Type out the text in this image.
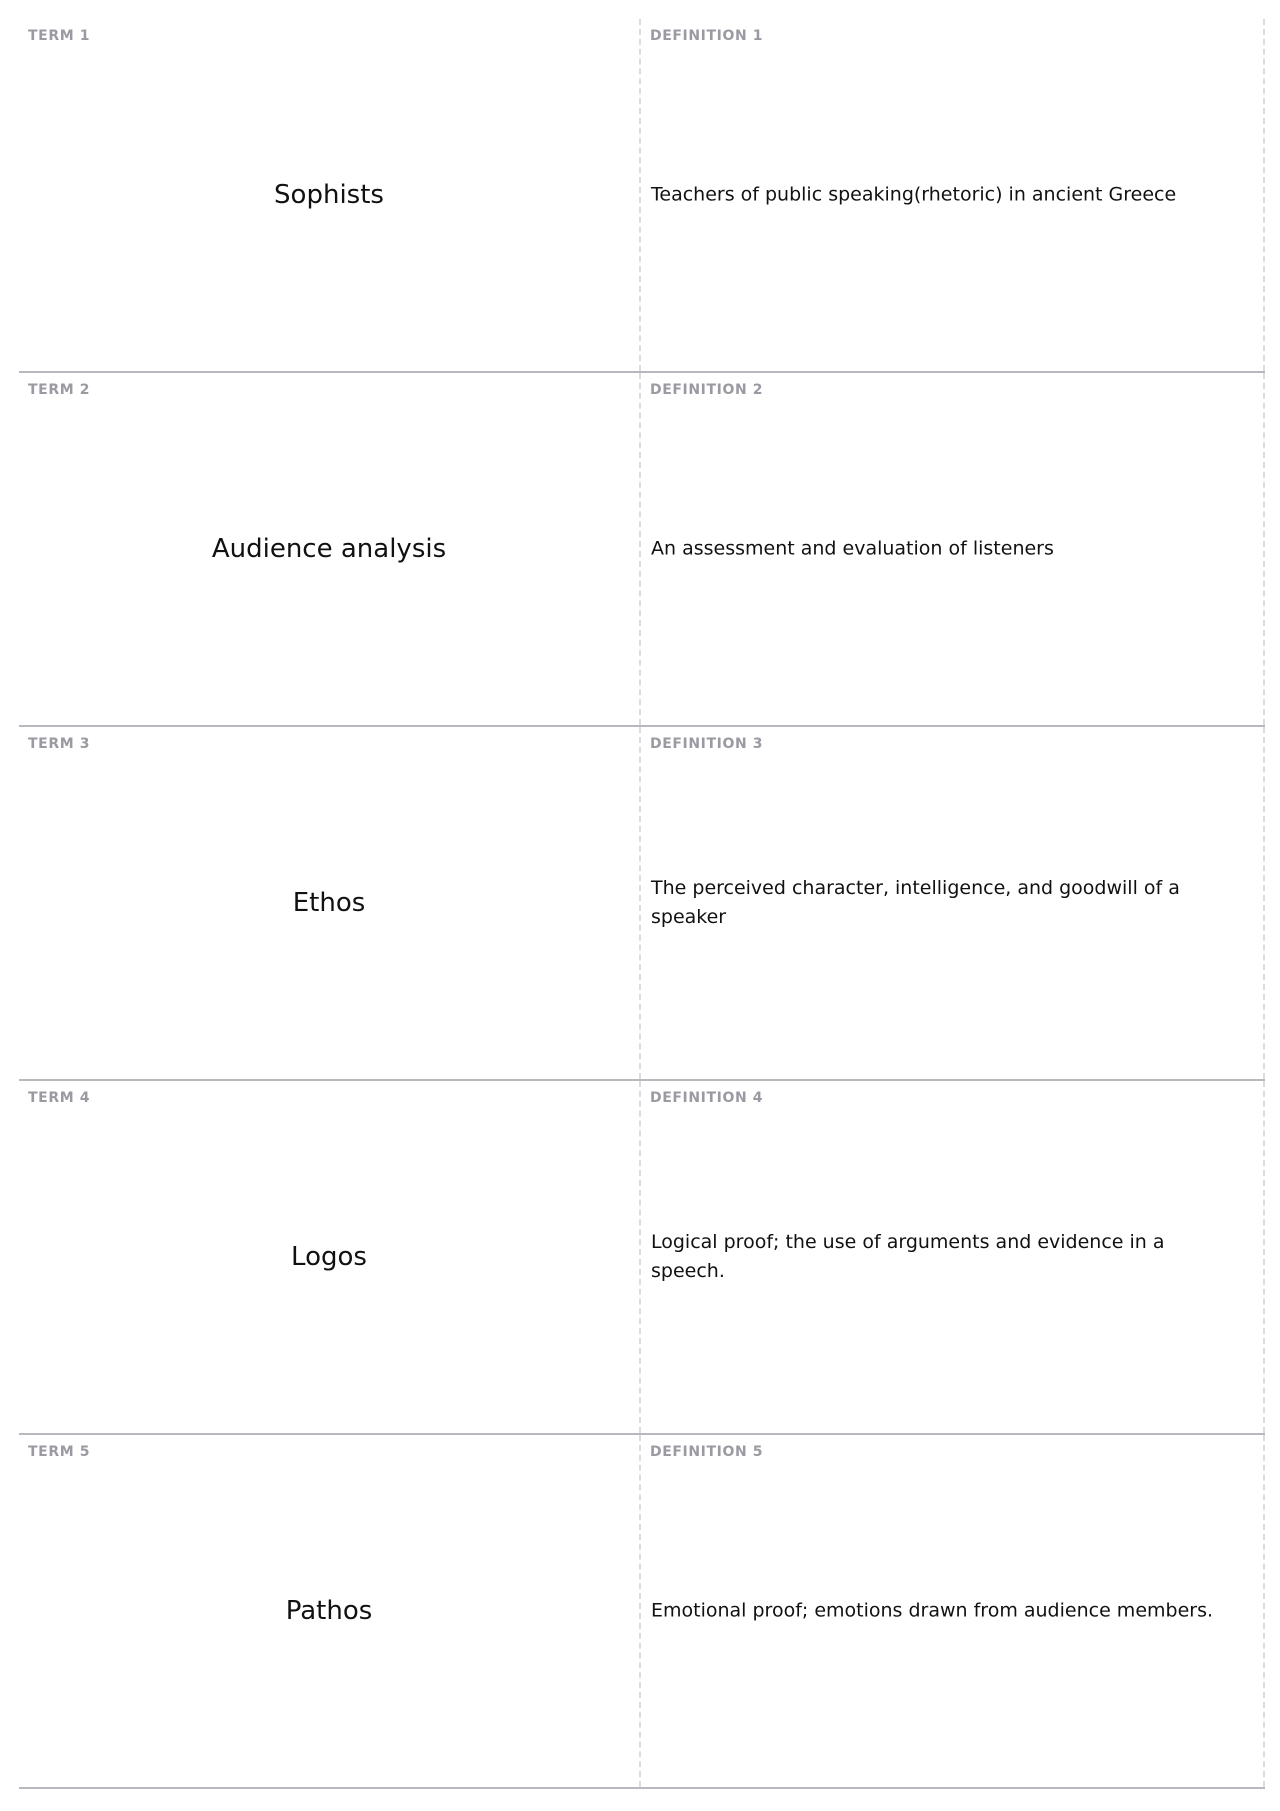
TERM 1
Sophists
DEFINITION 1
Teachers of public speaking(rhetoric) in ancient Greece
TERM 2
Audience analysis
DEFINITION 2
An assessment and evaluation of listeners
TERM 3
Ethos
DEFINITION 3
The perceived character, intelligence, and goodwill of a speaker
TERM 4
Logos
DEFINITION 4
Logical proof; the use of arguments and evidence in a speech.
TERM 5
Pathos
DEFINITION 5
Emotional proof; emotions drawn from audience members.
